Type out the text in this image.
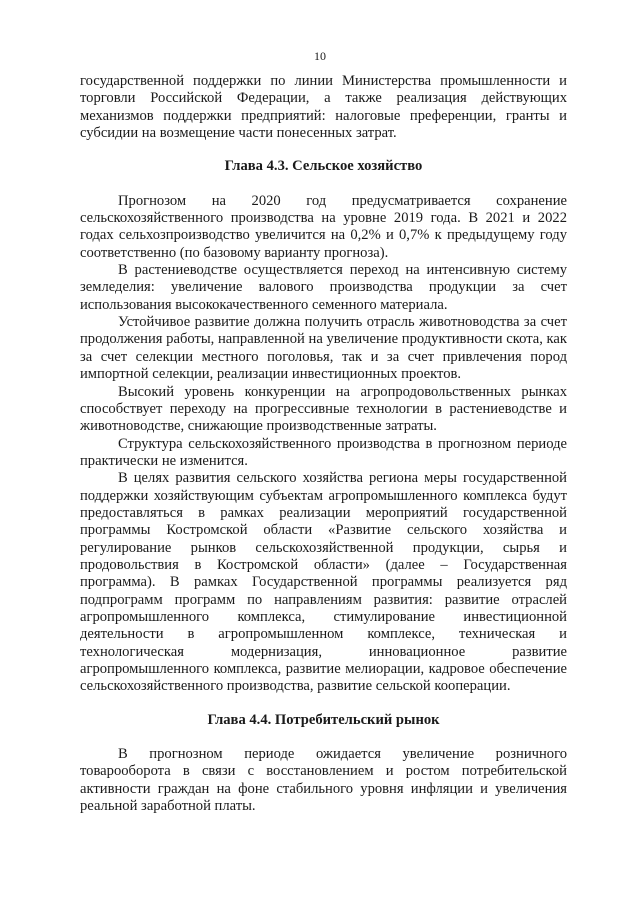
10

государственной поддержки по линии Министерства промышленности и торговли Российской Федерации, а также реализация действующих механизмов поддержки предприятий: налоговые преференции, гранты и субсидии на возмещение части понесенных затрат.

Глава 4.3. Сельское хозяйство

Прогнозом на 2020 год предусматривается сохранение сельскохозяйственного производства на уровне 2019 года. В 2021 и 2022 годах сельхозпроизводство увеличится на 0,2% и 0,7% к предыдущему году соответственно (по базовому варианту прогноза).

В растениеводстве осуществляется переход на интенсивную систему земледелия: увеличение валового производства продукции за счет использования высококачественного семенного материала.

Устойчивое развитие должна получить отрасль животноводства за счет продолжения работы, направленной на увеличение продуктивности скота, как за счет селекции местного поголовья, так и за счет привлечения пород импортной селекции, реализации инвестиционных проектов.

Высокий уровень конкуренции на агропродовольственных рынках способствует переходу на прогрессивные технологии в растениеводстве и животноводстве, снижающие производственные затраты.

Структура сельскохозяйственного производства в прогнозном периоде практически не изменится.

В целях развития сельского хозяйства региона меры государственной поддержки хозяйствующим субъектам агропромышленного комплекса будут предоставляться в рамках реализации мероприятий государственной программы Костромской области «Развитие сельского хозяйства и регулирование рынков сельскохозяйственной продукции, сырья и продовольствия в Костромской области» (далее – Государственная программа). В рамках Государственной программы реализуется ряд подпрограмм программ по направлениям развития: развитие отраслей агропромышленного комплекса, стимулирование инвестиционной деятельности в агропромышленном комплексе, техническая и технологическая модернизация, инновационное развитие агропромышленного комплекса, развитие мелиорации, кадровое обеспечение сельскохозяйственного производства, развитие сельской кооперации.

Глава 4.4. Потребительский рынок

В прогнозном периоде ожидается увеличение розничного товарооборота в связи с восстановлением и ростом потребительской активности граждан на фоне стабильного уровня инфляции и увеличения реальной заработной платы.
